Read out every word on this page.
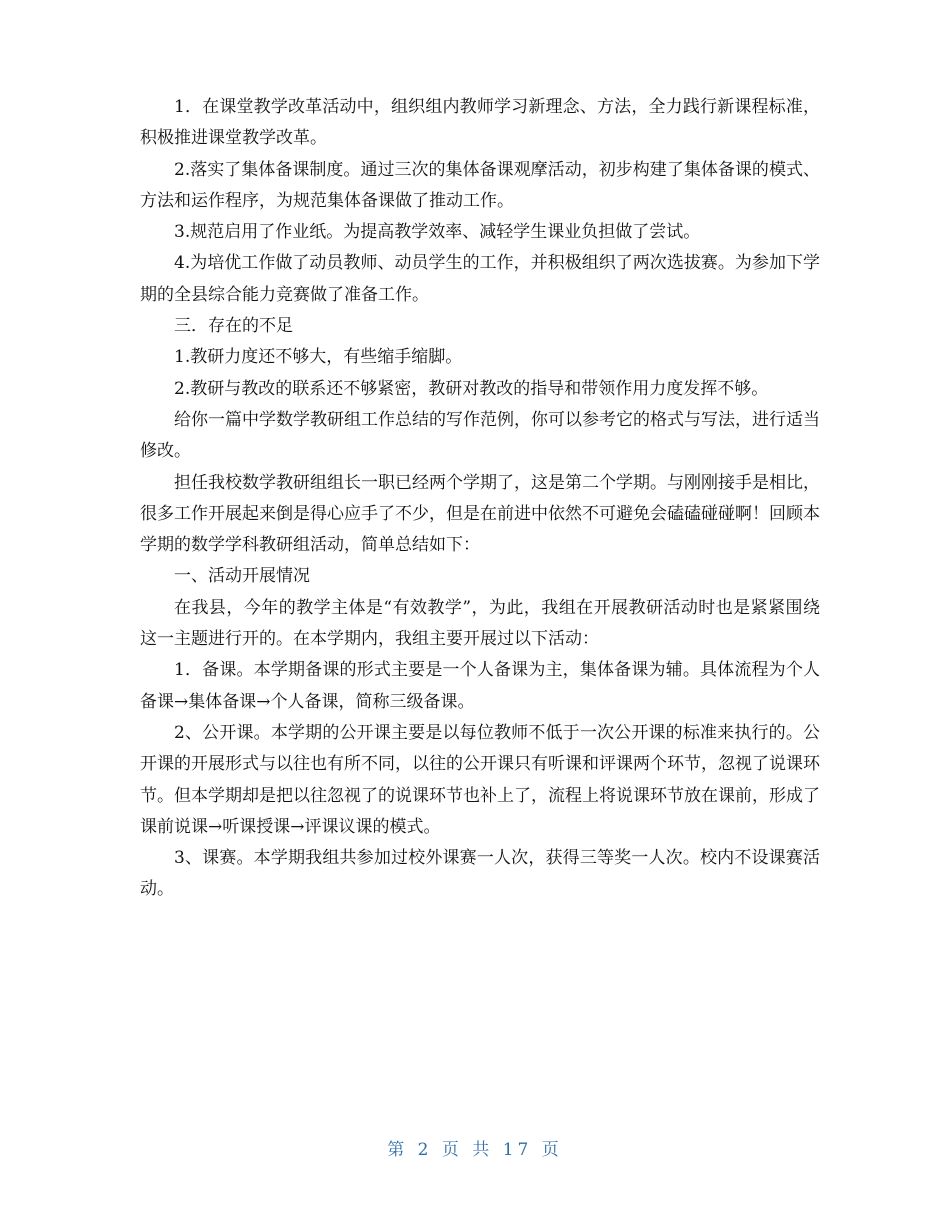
1．在课堂教学改革活动中，组织组内教师学习新理念、方法，全力践行新课程标准，积极推进课堂教学改革。

2.落实了集体备课制度。通过三次的集体备课观摩活动，初步构建了集体备课的模式、方法和运作程序，为规范集体备课做了推动工作。

3.规范启用了作业纸。为提高教学效率、减轻学生课业负担做了尝试。

4.为培优工作做了动员教师、动员学生的工作，并积极组织了两次选拔赛。为参加下学期的全县综合能力竞赛做了准备工作。

三．存在的不足

1.教研力度还不够大，有些缩手缩脚。

2.教研与教改的联系还不够紧密，教研对教改的指导和带领作用力度发挥不够。

给你一篇中学数学教研组工作总结的写作范例，你可以参考它的格式与写法，进行适当修改。

担任我校数学教研组组长一职已经两个学期了，这是第二个学期。与刚刚接手是相比，很多工作开展起来倒是得心应手了不少，但是在前进中依然不可避免会磕磕碰碰啊！回顾本学期的数学学科教研组活动，简单总结如下：

一、活动开展情况

在我县，今年的教学主体是“有效教学”，为此，我组在开展教研活动时也是紧紧围绕这一主题进行开的。在本学期内，我组主要开展过以下活动：

1．备课。本学期备课的形式主要是一个人备课为主，集体备课为辅。具体流程为个人备课→集体备课→个人备课，简称三级备课。

2、公开课。本学期的公开课主要是以每位教师不低于一次公开课的标准来执行的。公开课的开展形式与以往也有所不同，以往的公开课只有听课和评课两个环节，忽视了说课环节。但本学期却是把以往忽视了的说课环节也补上了，流程上将说课环节放在课前，形成了课前说课→听课授课→评课议课的模式。

3、课赛。本学期我组共参加过校外课赛一人次，获得三等奖一人次。校内不设课赛活动。

第 2 页 共 17 页
